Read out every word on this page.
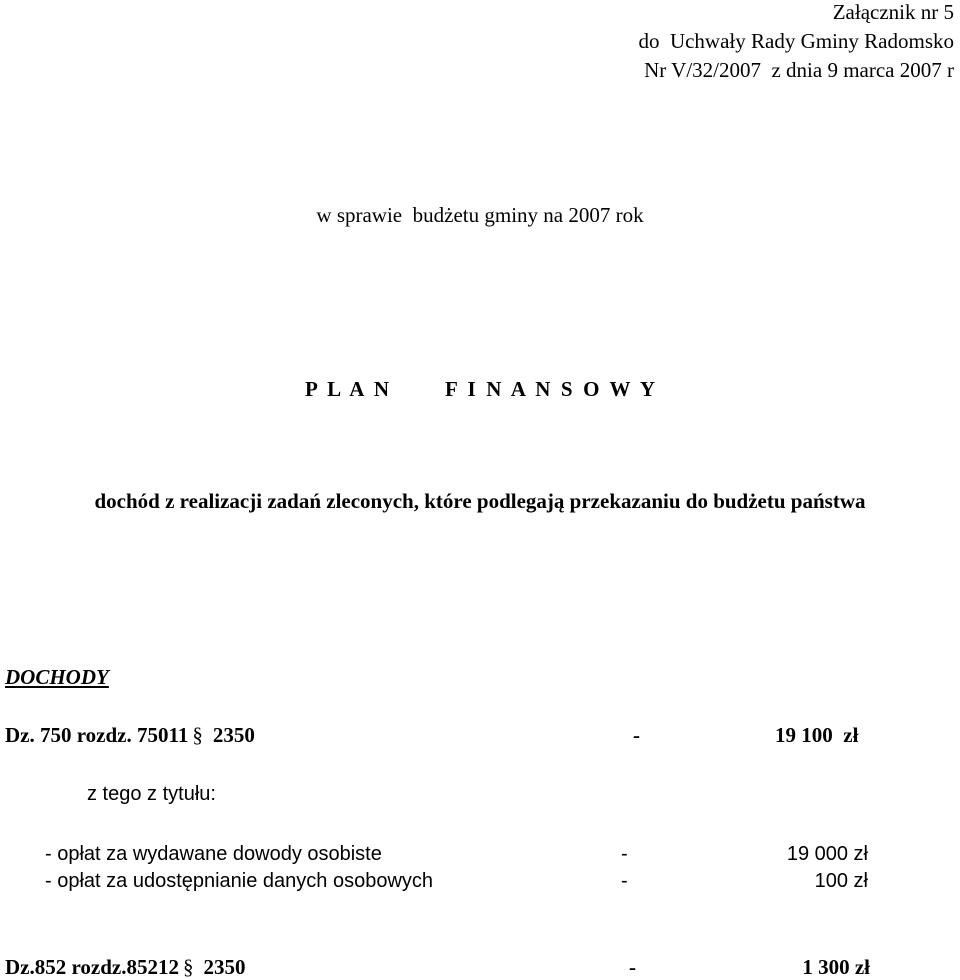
Załącznik nr 5
do  Uchwały Rady Gminy Radomsko
Nr V/32/2007  z dnia 9 marca 2007 r
w sprawie  budżetu gminy na 2007 rok
P  L  A  N	F  I  N  A  N  S  O  W  Y
dochód z realizacji zadań zleconych, które podlegają przekazaniu do budżetu państwa
DOCHODY
Dz. 750 rozdz. 75011 § 2350	-	19 100  zł
z tego z tytułu:
- opłat za wydawane dowody osobiste	-	19 000 zł
- opłat za udostępnianie danych osobowych	-	100 zł
Dz.852 rozdz.85212 § 2350	-	1 300 zł
